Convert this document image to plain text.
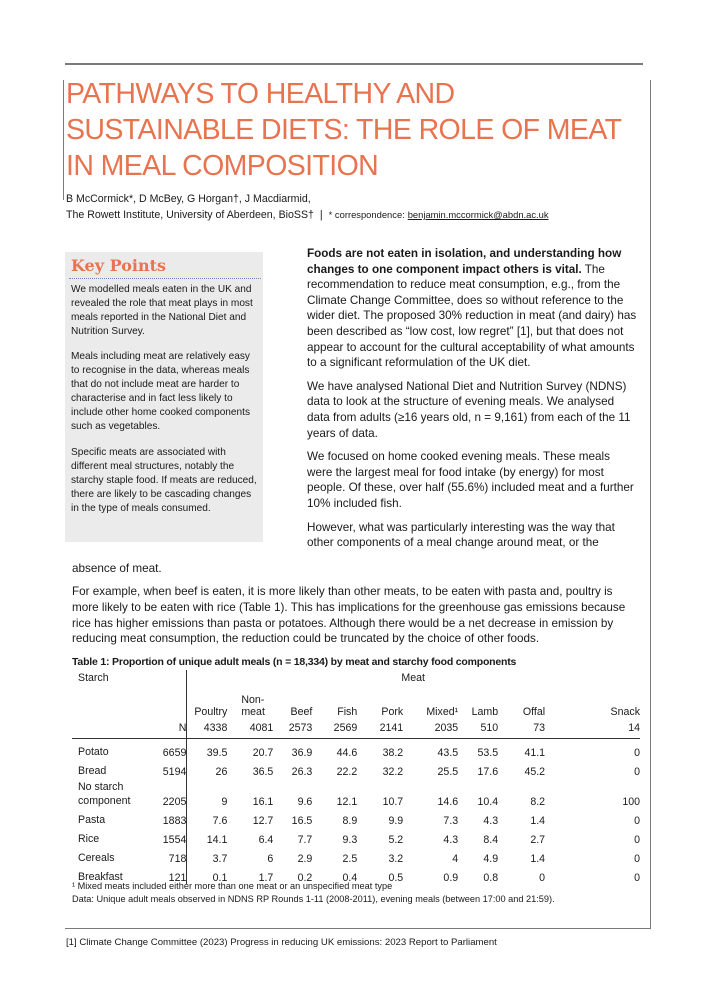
PATHWAYS TO HEALTHY AND SUSTAINABLE DIETS: THE ROLE OF MEAT IN MEAL COMPOSITION
B McCormick*, D McBey, G Horgan†, J Macdiarmid,
The Rowett Institute, University of Aberdeen, BioSS† | * correspondence: benjamin.mccormick@abdn.ac.uk
Key Points

We modelled meals eaten in the UK and revealed the role that meat plays in most meals reported in the National Diet and Nutrition Survey.

Meals including meat are relatively easy to recognise in the data, whereas meals that do not include meat are harder to characterise and in fact less likely to include other home cooked components such as vegetables.

Specific meats are associated with different meal structures, notably the starchy staple food. If meats are reduced, there are likely to be cascading changes in the type of meals consumed.

Foods are not eaten in isolation, and understanding how changes to one component impact others is vital. The recommendation to reduce meat consumption, e.g., from the Climate Change Committee, does so without reference to the wider diet. The proposed 30% reduction in meat (and dairy) has been described as “low cost, low regret” [1], but that does not appear to account for the cultural acceptability of what amounts to a significant reformulation of the UK diet.

We have analysed National Diet and Nutrition Survey (NDNS) data to look at the structure of evening meals. We analysed data from adults (≥16 years old, n = 9,161) from each of the 11 years of data.

We focused on home cooked evening meals. These meals were the largest meal for food intake (by energy) for most people. Of these, over half (55.6%) included meat and a further 10% included fish.

However, what was particularly interesting was the way that other components of a meal change around meat, or the

absence of meat.

For example, when beef is eaten, it is more likely than other meats, to be eaten with pasta and, poultry is more likely to be eaten with rice (Table 1). This has implications for the greenhouse gas emissions because rice has higher emissions than pasta or potatoes. Although there would be a net decrease in emission by reducing meat consumption, the reduction could be truncated by the choice of other foods.

Table 1: Proportion of unique adult meals (n = 18,334) by meat and starchy food components
Starch		Meat								
		Poultry	Non-
meat	Beef	Fish	Pork	Mixed¹	Lamb	Offal	Snack
N		4338	4081	2573	2569	2141	2035	510	73	14
Potato	6659	39.5	20.7	36.9	44.6	38.2	43.5	53.5	41.1	0
Bread	5194	26	36.5	26.3	22.2	32.2	25.5	17.6	45.2	0
No starch
component	2205	9	16.1	9.6	12.1	10.7	14.6	10.4	8.2	100
Pasta	1883	7.6	12.7	16.5	8.9	9.9	7.3	4.3	1.4	0
Rice	1554	14.1	6.4	7.7	9.3	5.2	4.3	8.4	2.7	0
Cereals	718	3.7	6	2.9	2.5	3.2	4	4.9	1.4	0
Breakfast	121	0.1	1.7	0.2	0.4	0.5	0.9	0.8	0	0
¹ Mixed meats included either more than one meat or an unspecified meat type
Data: Unique adult meals observed in NDNS RP Rounds 1-11 (2008-2011), evening meals (between 17:00 and 21:59).
[1] Climate Change Committee (2023) Progress in reducing UK emissions: 2023 Report to Parliament
